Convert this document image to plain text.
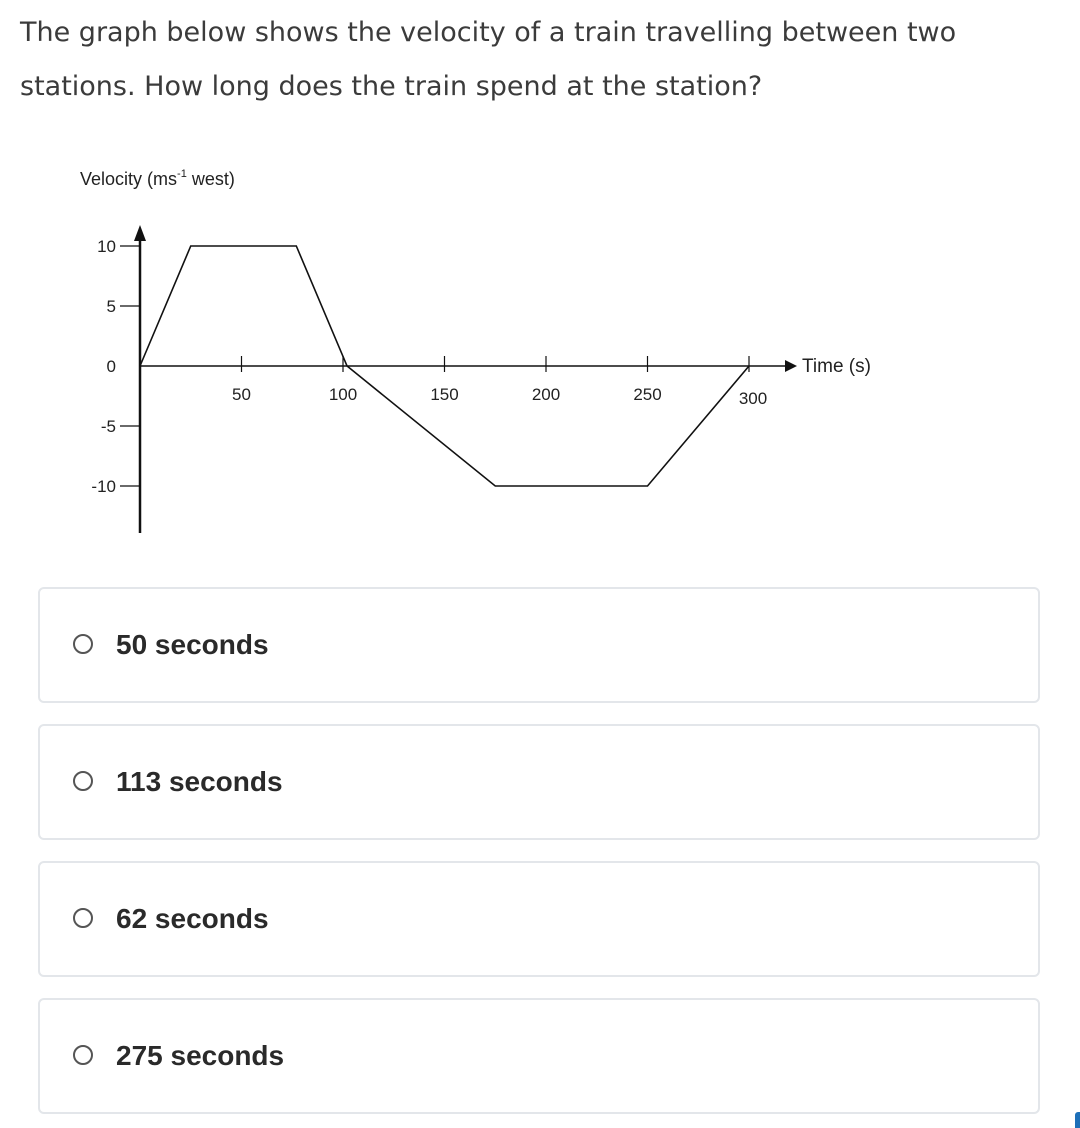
The graph below shows the velocity of a train travelling between two
stations. How long does the train spend at the station?
Velocity ($ms^{-1}$ west)
Time (s)
10
5
0
-5
-10
50	100	150	200	250	300
50 seconds
113 seconds
62 seconds
275 seconds
